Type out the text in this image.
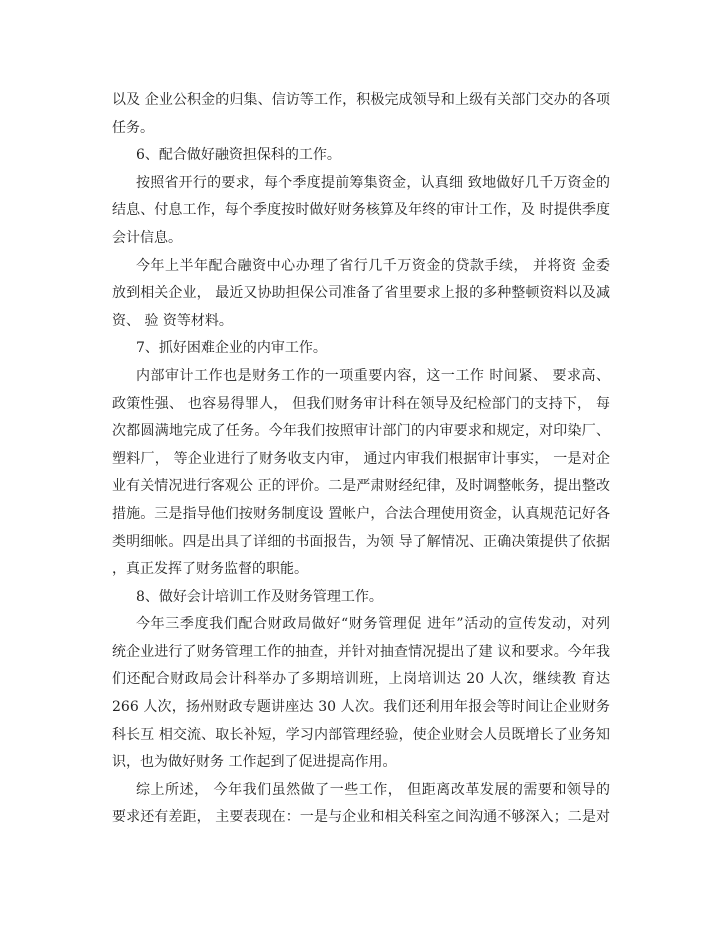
以及 企业公积金的归集、信访等工作，积极完成领导和上级有关部门交办的各项
任务。
6、配合做好融资担保科的工作。
按照省开行的要求，每个季度提前筹集资金，认真细 致地做好几千万资金的
结息、付息工作，每个季度按时做好财务核算及年终的审计工作，及 时提供季度
会计信息。
今年上半年配合融资中心办理了省行几千万资金的贷款手续， 并将资 金委
放到相关企业， 最近又协助担保公司准备了省里要求上报的多种整顿资料以及减
资、 验 资等材料。
7、抓好困难企业的内审工作。
内部审计工作也是财务工作的一项重要内容，这一工作 时间紧、 要求高、
政策性强、 也容易得罪人， 但我们财务审计科在领导及纪检部门的支持下， 每
次都圆满地完成了任务。今年我们按照审计部门的内审要求和规定，对印染厂、
塑料厂， 等企业进行了财务收支内审， 通过内审我们根据审计事实， 一是对企
业有关情况进行客观公 正的评价。二是严肃财经纪律，及时调整帐务，提出整改
措施。三是指导他们按财务制度设 置帐户，合法合理使用资金，认真规范记好各
类明细帐。四是出具了详细的书面报告，为领 导了解情况、正确决策提供了依据
，真正发挥了财务监督的职能。
8、做好会计培训工作及财务管理工作。
今年三季度我们配合财政局做好“财务管理促 进年”活动的宣传发动，对列
统企业进行了财务管理工作的抽查，并针对抽查情况提出了建 议和要求。今年我
们还配合财政局会计科举办了多期培训班，上岗培训达 20 人次，继续教 育达
266 人次，扬州财政专题讲座达 30 人次。我们还利用年报会等时间让企业财务
科长互 相交流、取长补短，学习内部管理经验，使企业财会人员既增长了业务知
识，也为做好财务 工作起到了促进提高作用。
综上所述， 今年我们虽然做了一些工作， 但距离改革发展的需要和领导的
要求还有差距， 主要表现在：一是与企业和相关科室之间沟通不够深入；二是对
